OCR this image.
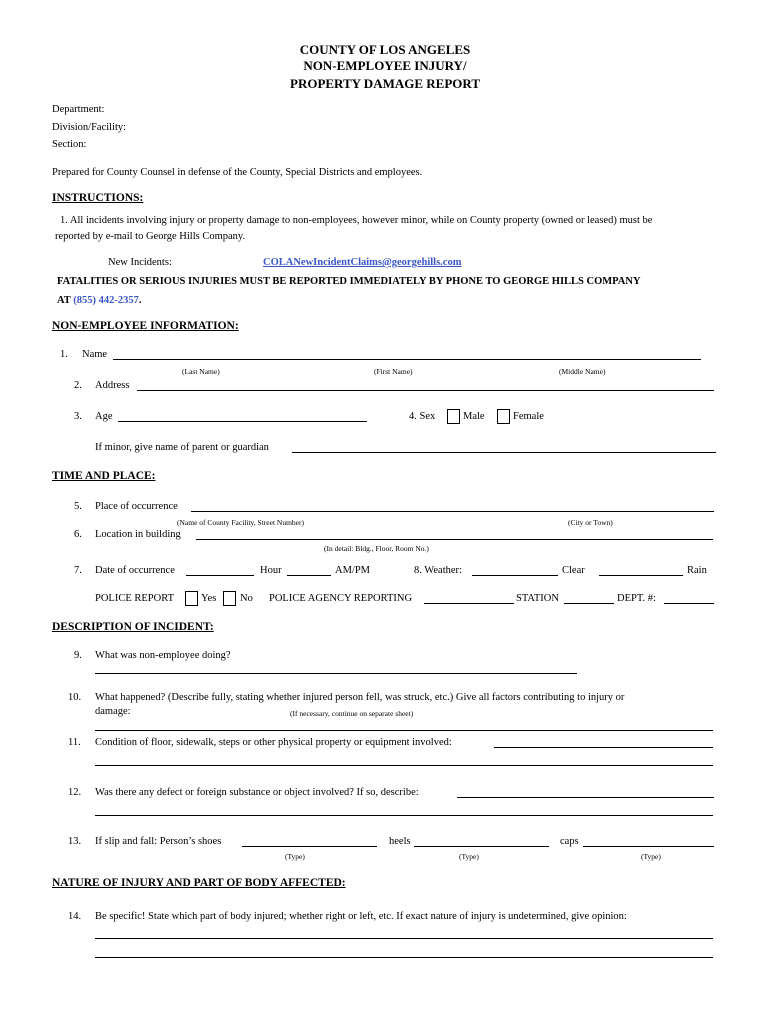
COUNTY OF LOS ANGELES
NON-EMPLOYEE INJURY/
PROPERTY DAMAGE REPORT
Department:
Division/Facility:
Section:
Prepared for County Counsel in defense of the County, Special Districts and employees.
INSTRUCTIONS:
1. All incidents involving injury or property damage to non-employees, however minor, while on County property (owned or leased) must be
reported by e-mail to George Hills Company.
New Incidents:	COLANewIncidentClaims@georgehills.com
FATALITIES OR SERIOUS INJURIES MUST BE REPORTED IMMEDIATELY BY PHONE TO GEORGE HILLS COMPANY
AT (855) 442-2357.
NON-EMPLOYEE INFORMATION:
1. Name
(Last Name)	(First Name)	(Middle Name)
2. Address
3. Age	4. Sex	Male	Female
If minor, give name of parent or guardian
TIME AND PLACE:
5. Place of occurrence
(Name of County Facility, Street Number)	(City or Town)
6. Location in building
(In detail: Bldg., Floor, Room No.)
7. Date of occurrence	Hour	AM/PM	8. Weather:	Clear	Rain
POLICE REPORT	Yes No POLICE AGENCY REPORTING	STATION	DEPT. #:
DESCRIPTION OF INCIDENT:
9. What was non-employee doing?
10. What happened? (Describe fully, stating whether injured person fell, was struck, etc.) Give all factors contributing to injury or
damage:	(If necessary, continue on separate sheet)
11. Condition of floor, sidewalk, steps or other physical property or equipment involved:
12. Was there any defect or foreign substance or object involved? If so, describe:
13. If slip and fall: Person’s shoes	heels	caps
(Type)	(Type)	(Type)
NATURE OF INJURY AND PART OF BODY AFFECTED:
14. Be specific! State which part of body injured; whether right or left, etc. If exact nature of injury is undetermined, give opinion:
